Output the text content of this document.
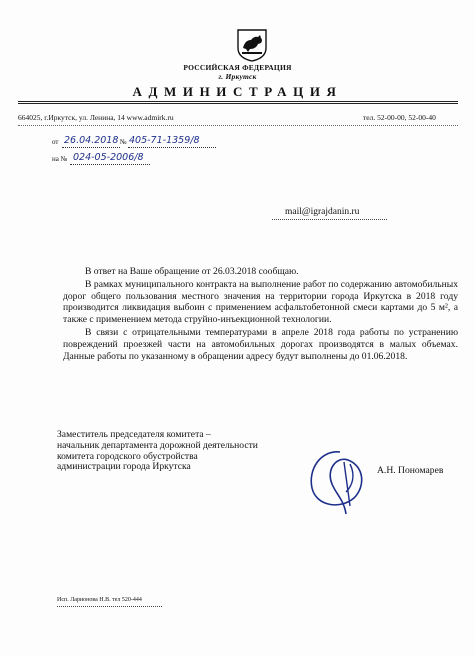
РОССИЙСКАЯ ФЕДЕРАЦИЯ
г. Иркутск
АДМИНИСТРАЦИЯ
664025, г.Иркутск, ул. Ленина, 14 www.admirk.ru	тел. 52-00-00, 52-00-40
от 26.04.2018 № 405-71-1359/8
на № 024-05-2006/8
mail@igrajdanin.ru

В ответ на Ваше обращение от 26.03.2018 сообщаю.

В рамках муниципального контракта на выполнение работ по содержанию автомобильных дорог общего пользования местного значения на территории города Иркутска в 2018 году производится ликвидация выбоин с применением асфальтобетонной смеси картами до 5 м², а также с применением метода струйно-инъекционной технологии.

В связи с отрицательными температурами в апреле 2018 года работы по устранению повреждений проезжей части на автомобильных дорогах производятся в малых объемах. Данные работы по указанному в обращении адресу будут выполнены до 01.06.2018.

Заместитель председателя комитета –
начальник департамента дорожной деятельности
комитета городского обустройства
администрации города Иркутска	А.Н. Пономарев
Исп. Ларионова Н.В. тел 520-444
